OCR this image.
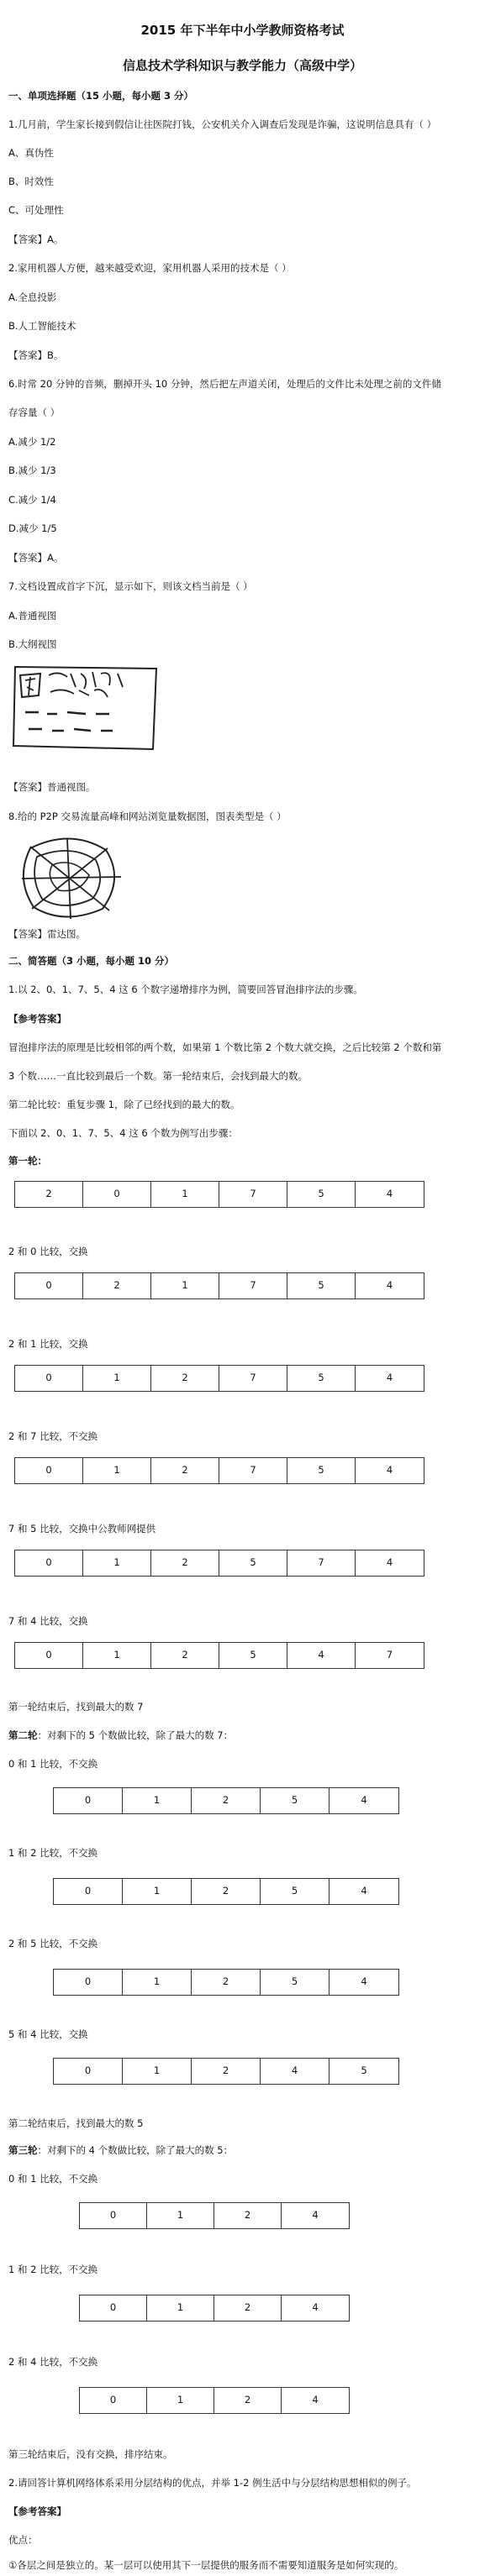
2015 年下半年中小学教师资格考试
信息技术学科知识与教学能力（高级中学）
一、单项选择题（15 小题，每小题 3 分）
1.几月前，学生家长接到假信让往医院打钱，公安机关介入调查后发现是诈骗，这说明信息具有（ ）
A、真伪性
B、时效性
C、可处理性
【答案】A。
2.家用机器人方便，越来越受欢迎，家用机器人采用的技术是（ ）
A.全息投影
B.人工智能技术
【答案】B。
6.时常 20 分钟的音频，删掉开头 10 分钟，然后把左声道关闭，处理后的文件比未处理之前的文件储
存容量（ ）
A.减少 1/2
B.减少 1/3
C.减少 1/4
D.减少 1/5
【答案】A。
7.文档设置成首字下沉，显示如下，则该文档当前是（ ）
A.普通视图
B.大纲视图
【答案】普通视图。
8.给的 P2P 交易流量高峰和网站浏览量数据图，图表类型是（ ）
【答案】雷达图。
二、简答题（3 小题，每小题 10 分）
1.以 2、0、1、7、5、4 这 6 个数字递增排序为例，简要回答冒泡排序法的步骤。
【参考答案】
冒泡排序法的原理是比较相邻的两个数，如果第 1 个数比第 2 个数大就交换，之后比较第 2 个数和第
3 个数……一直比较到最后一个数。第一轮结束后，会找到最大的数。
第二轮比较：重复步骤 1，除了已经找到的最大的数。
下面以 2、0、1、7、5、4 这 6 个数为例写出步骤：
第一轮：
2	0	1	7	5	4
2 和 0 比较，交换
0	2	1	7	5	4
2 和 1 比较，交换
0	1	2	7	5	4
2 和 7 比较，不交换
0	1	2	7	5	4
7 和 5 比较，交换中公教师网提供
0	1	2	5	7	4
7 和 4 比较，交换
0	1	2	5	4	7
第一轮结束后，找到最大的数 7
第二轮：对剩下的 5 个数做比较，除了最大的数 7：
0 和 1 比较，不交换
0	1	2	5	4
1 和 2 比较，不交换
0	1	2	5	4
2 和 5 比较，不交换
0	1	2	5	4
5 和 4 比较，交换
0	1	2	4	5
第二轮结束后，找到最大的数 5
第三轮：对剩下的 4 个数做比较，除了最大的数 5：
0 和 1 比较，不交换
0	1	2	4
1 和 2 比较，不交换
0	1	2	4
2 和 4 比较，不交换
0	1	2	4
第三轮结束后，没有交换，排序结束。
2.请回答计算机网络体系采用分层结构的优点，并举 1-2 例生活中与分层结构思想相似的例子。
【参考答案】
优点：
①各层之间是独立的。某一层可以使用其下一层提供的服务而不需要知道服务是如何实现的。
